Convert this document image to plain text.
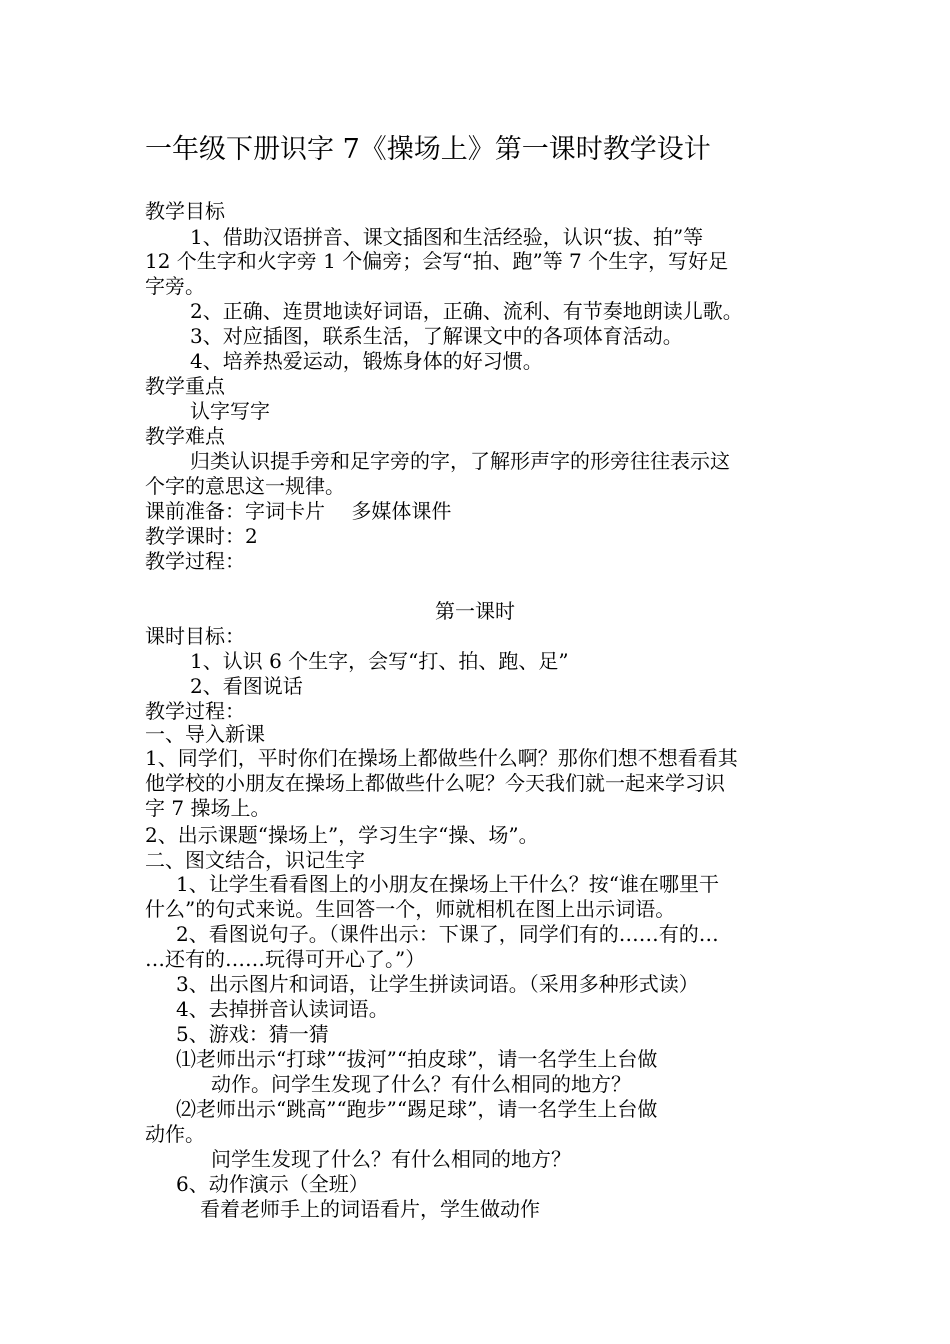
一年级下册识字 7《操场上》第一课时教学设计
教学目标
1、借助汉语拼音、课文插图和生活经验，认识“拔、拍”等
12 个生字和火字旁 1 个偏旁；会写“拍、跑”等 7 个生字，写好足
字旁。
2、正确、连贯地读好词语，正确、流利、有节奏地朗读儿歌。
3、对应插图，联系生活，了解课文中的各项体育活动。
4、培养热爱运动，锻炼身体的好习惯。
教学重点
认字写字
教学难点
归类认识提手旁和足字旁的字，了解形声字的形旁往往表示这
个字的意思这一规律。
课前准备：字词卡片　 多媒体课件
教学课时：2
教学过程：
第一课时
课时目标：
1、认识 6 个生字，会写“打、拍、跑、足”
2、看图说话
教学过程：
一、导入新课
1、同学们，平时你们在操场上都做些什么啊？那你们想不想看看其
他学校的小朋友在操场上都做些什么呢？今天我们就一起来学习识
字 7 操场上。
2、出示课题“操场上”，学习生字“操、场”。
二、图文结合，识记生字
1、让学生看看图上的小朋友在操场上干什么？按“谁在哪里干
什么”的句式来说。生回答一个，师就相机在图上出示词语。
2、看图说句子。（课件出示：下课了，同学们有的……有的…
…还有的……玩得可开心了。”）
3、出示图片和词语，让学生拼读词语。（采用多种形式读）
4、去掉拼音认读词语。
5、游戏：猜一猜
⑴老师出示“打球”“拔河”“拍皮球”，请一名学生上台做
动作。问学生发现了什么？有什么相同的地方？
⑵老师出示“跳高”“跑步”“踢足球”，请一名学生上台做
动作。
问学生发现了什么？有什么相同的地方？
6、动作演示（全班）
看着老师手上的词语看片，学生做动作
